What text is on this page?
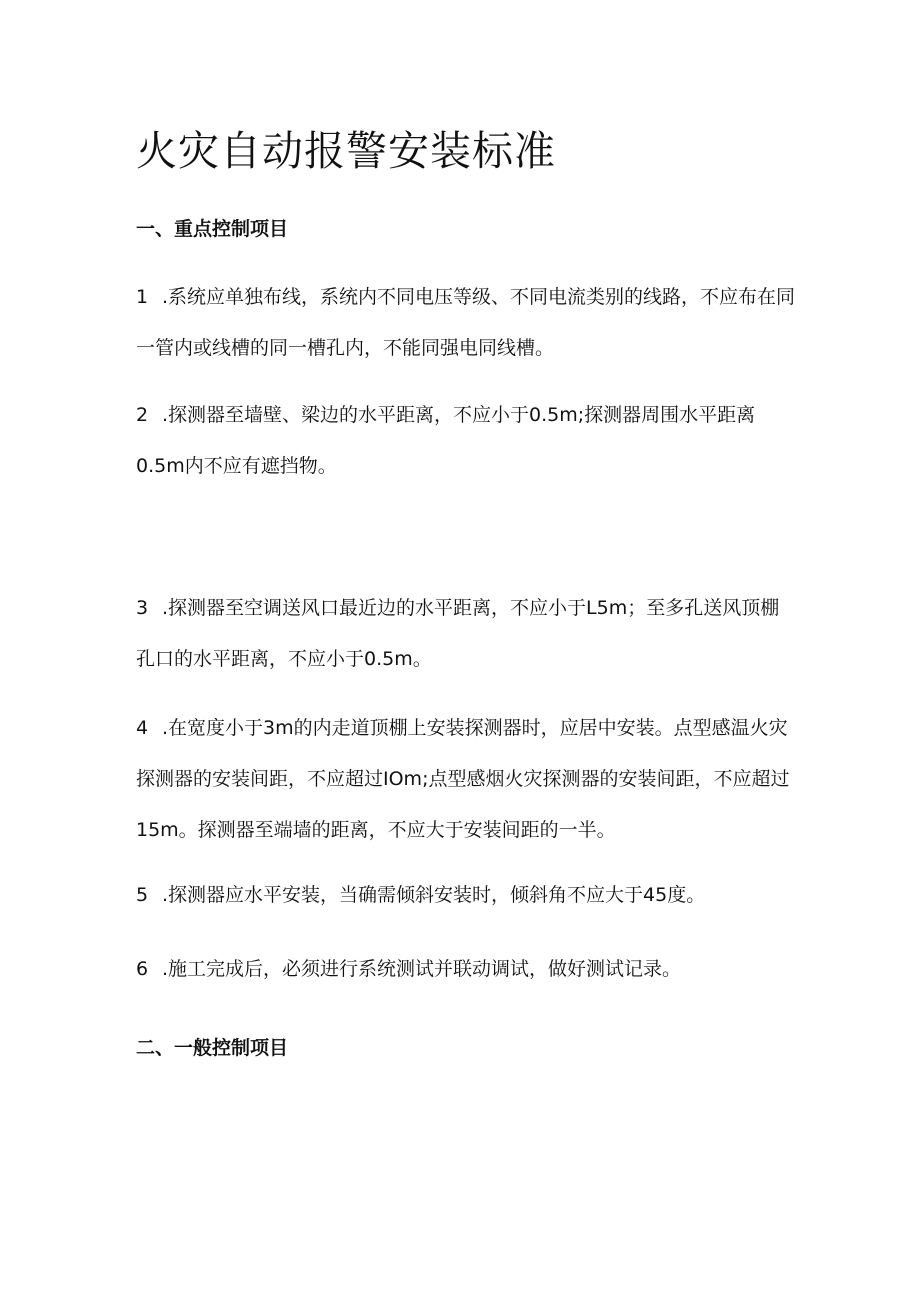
火灾自动报警安装标准
一、重点控制项目
1 .系统应单独布线，系统内不同电压等级、不同电流类别的线路，不应布在同一管内或线槽的同一槽孔内，不能同强电同线槽。
2 .探测器至墙壁、梁边的水平距离，不应小于0.5m;探测器周围水平距离0.5m内不应有遮挡物。
3 .探测器至空调送风口最近边的水平距离，不应小于L5m；至多孔送风顶棚孔口的水平距离，不应小于0.5m。
4 .在宽度小于3m的内走道顶棚上安装探测器时，应居中安装。点型感温火灾探测器的安装间距，不应超过IOm;点型感烟火灾探测器的安装间距，不应超过15m。探测器至端墙的距离，不应大于安装间距的一半。
5 .探测器应水平安装，当确需倾斜安装时，倾斜角不应大于45度。
6 .施工完成后，必须进行系统测试并联动调试，做好测试记录。
二、一般控制项目
